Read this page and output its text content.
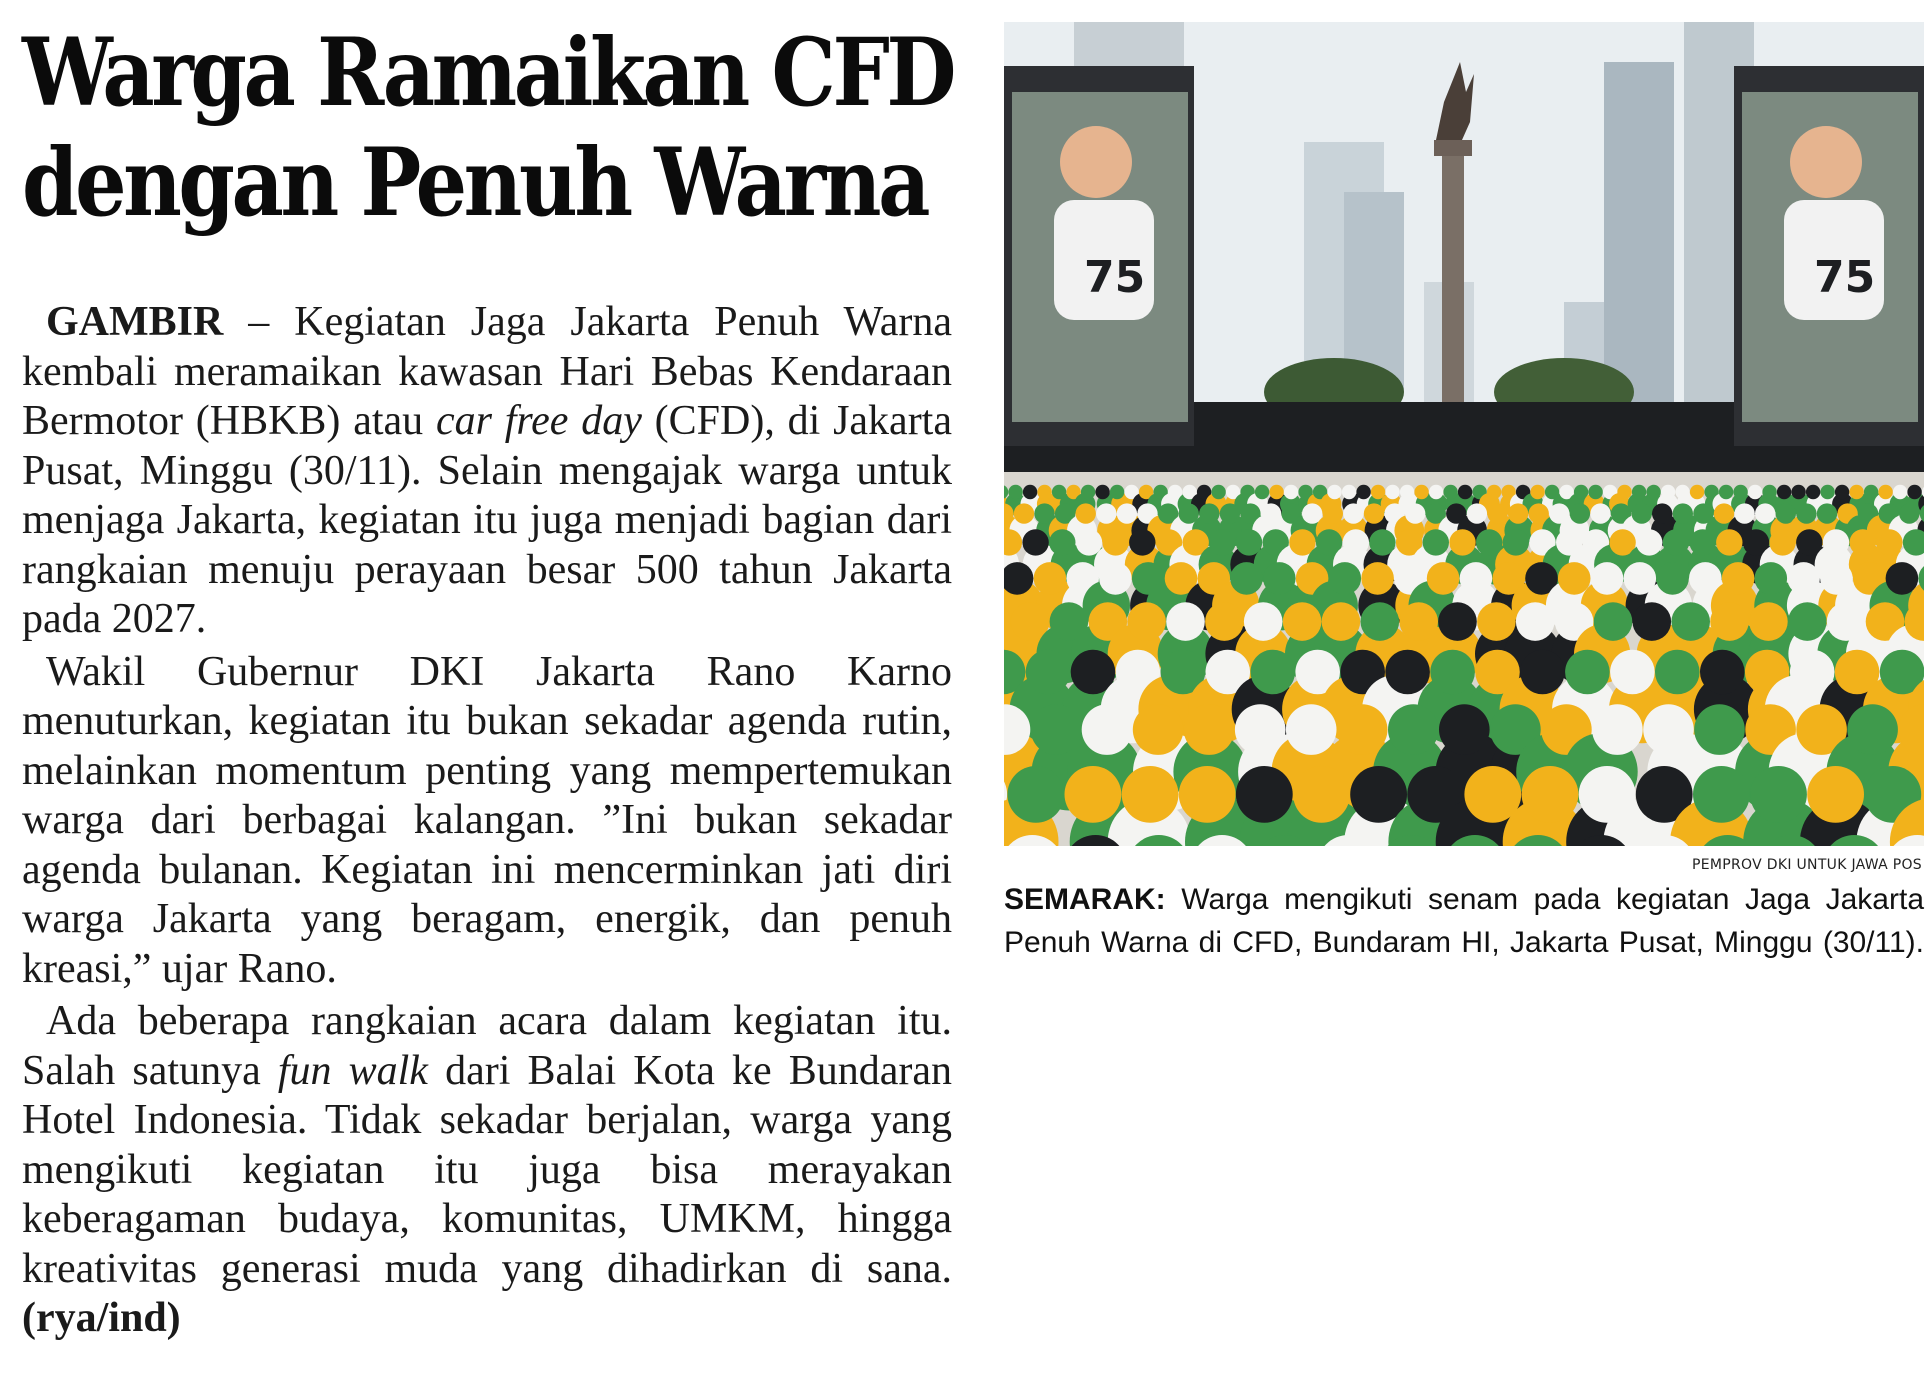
Warga Ramaikan CFD
dengan Penuh Warna

GAMBIR – Kegiatan Jaga Jakarta Penuh Warna kembali meramaikan kawasan Hari Bebas Kendaraan Bermotor (HBKB) atau car free day (CFD), di Jakarta Pusat, Minggu (30/11). Selain mengajak warga untuk menjaga Jakarta, kegiatan itu juga menjadi bagian dari rangkaian menuju perayaan besar 500 tahun Jakarta pada 2027.

Wakil Gubernur DKI Jakarta Rano Karno menuturkan, kegiatan itu bukan sekadar agenda rutin, melainkan momentum penting yang mempertemukan warga dari berbagai kalangan. ”Ini bukan sekadar agenda bulanan. Kegiatan ini mencerminkan jati diri warga Jakarta yang beragam, energik, dan penuh kreasi,” ujar Rano.

Ada beberapa rangkaian acara dalam kegiatan itu. Salah satunya fun walk dari Balai Kota ke Bundaran Hotel Indonesia. Tidak sekadar berjalan, warga yang mengikuti kegiatan itu juga bisa merayakan keberagaman budaya, komunitas, UMKM, hingga kreativitas generasi muda yang dihadirkan di sana. (rya/ind)

75	75
PEMPROV DKI UNTUK JAWA POS
SEMARAK: Warga mengikuti senam pada kegiatan Jaga Jakarta
Penuh Warna di CFD, Bundaram HI, Jakarta Pusat, Minggu (30/11).
